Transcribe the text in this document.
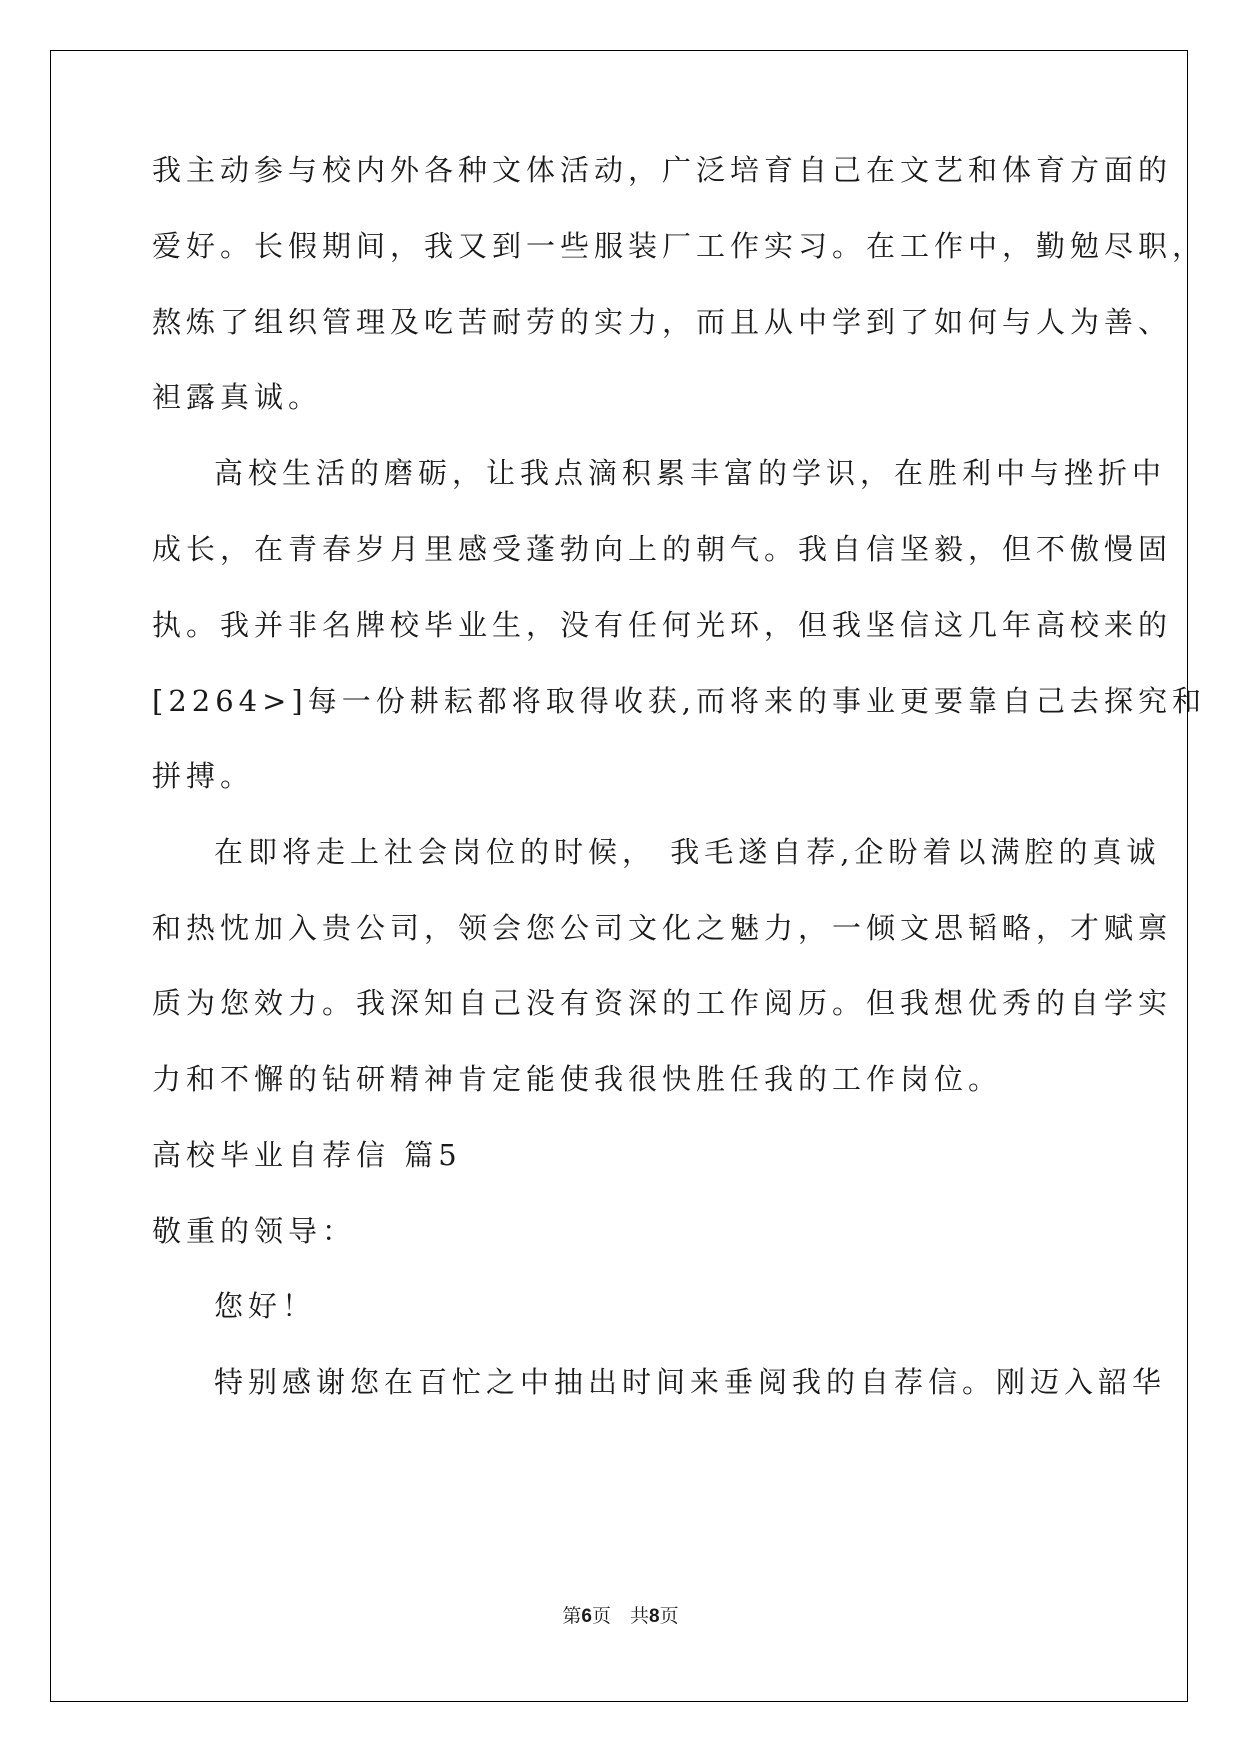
我主动参与校内外各种文体活动，广泛培育自己在文艺和体育方面的
爱好。长假期间，我又到一些服装厂工作实习。在工作中，勤勉尽职，
熬炼了组织管理及吃苦耐劳的实力，而且从中学到了如何与人为善、
袒露真诚。
高校生活的磨砺，让我点滴积累丰富的学识，在胜利中与挫折中
成长，在青春岁月里感受蓬勃向上的朝气。我自信坚毅，但不傲慢固
执。我并非名牌校毕业生，没有任何光环，但我坚信这几年高校来的
[2264>]每一份耕耘都将取得收获,而将来的事业更要靠自己去探究和
拼搏。
在即将走上社会岗位的时候， 我毛遂自荐,企盼着以满腔的真诚
和热忱加入贵公司，领会您公司文化之魅力，一倾文思韬略，才赋禀
质为您效力。我深知自己没有资深的工作阅历。但我想优秀的自学实
力和不懈的钻研精神肯定能使我很快胜任我的工作岗位。
高校毕业自荐信 篇5
敬重的领导：
您好！
特别感谢您在百忙之中抽出时间来垂阅我的自荐信。刚迈入韶华
第6页　共8页
